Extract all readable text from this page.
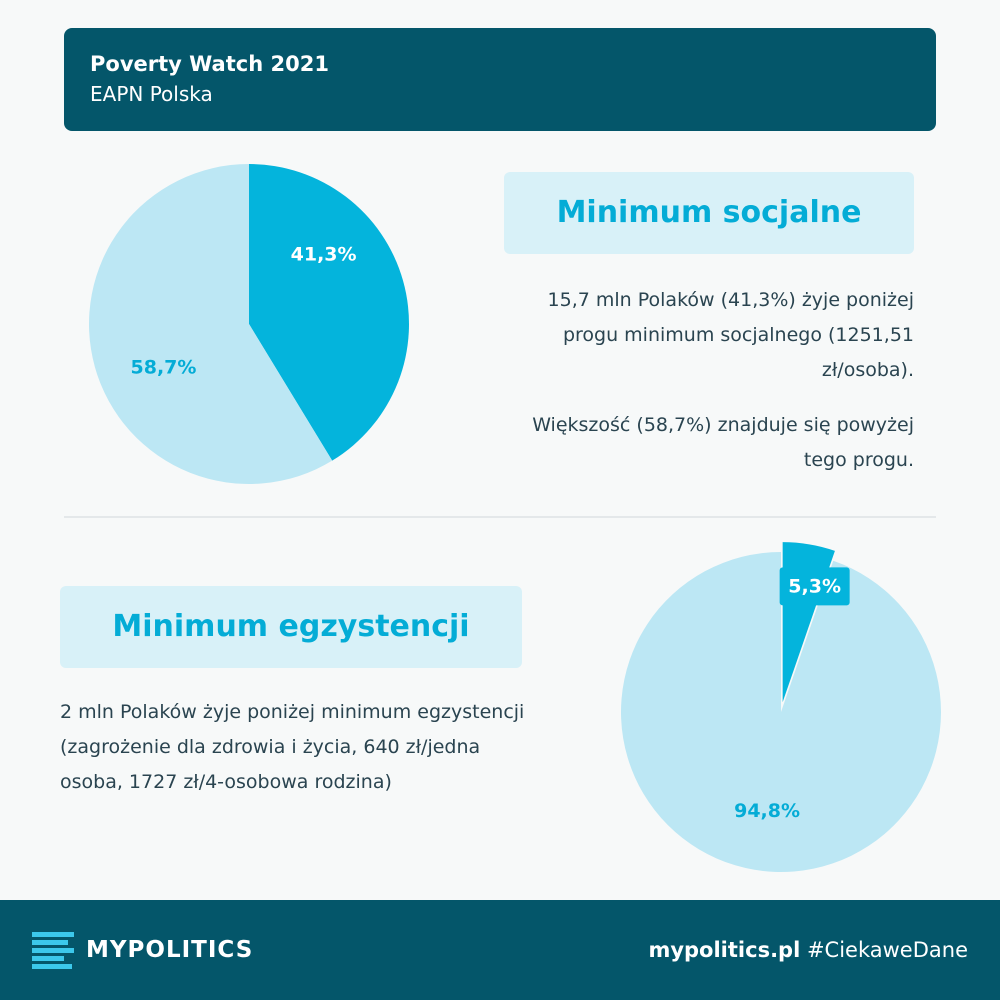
Poverty Watch 2021
EAPN Polska
41,3%
58,7%
Minimum socjalne

15,7 mln Polaków (41,3%) żyje poniżej progu minimum socjalnego (1251,51 zł/osoba).

Większość (58,7%) znajduje się powyżej tego progu.

Minimum egzystencji

2 mln Polaków żyje poniżej minimum egzystencji (zagrożenie dla zdrowia i życia, 640 zł/jedna osoba, 1727 zł/4-osobowa rodzina)

5,3%
94,8%
MYPOLITICS	mypolitics.pl #CiekaweDane
